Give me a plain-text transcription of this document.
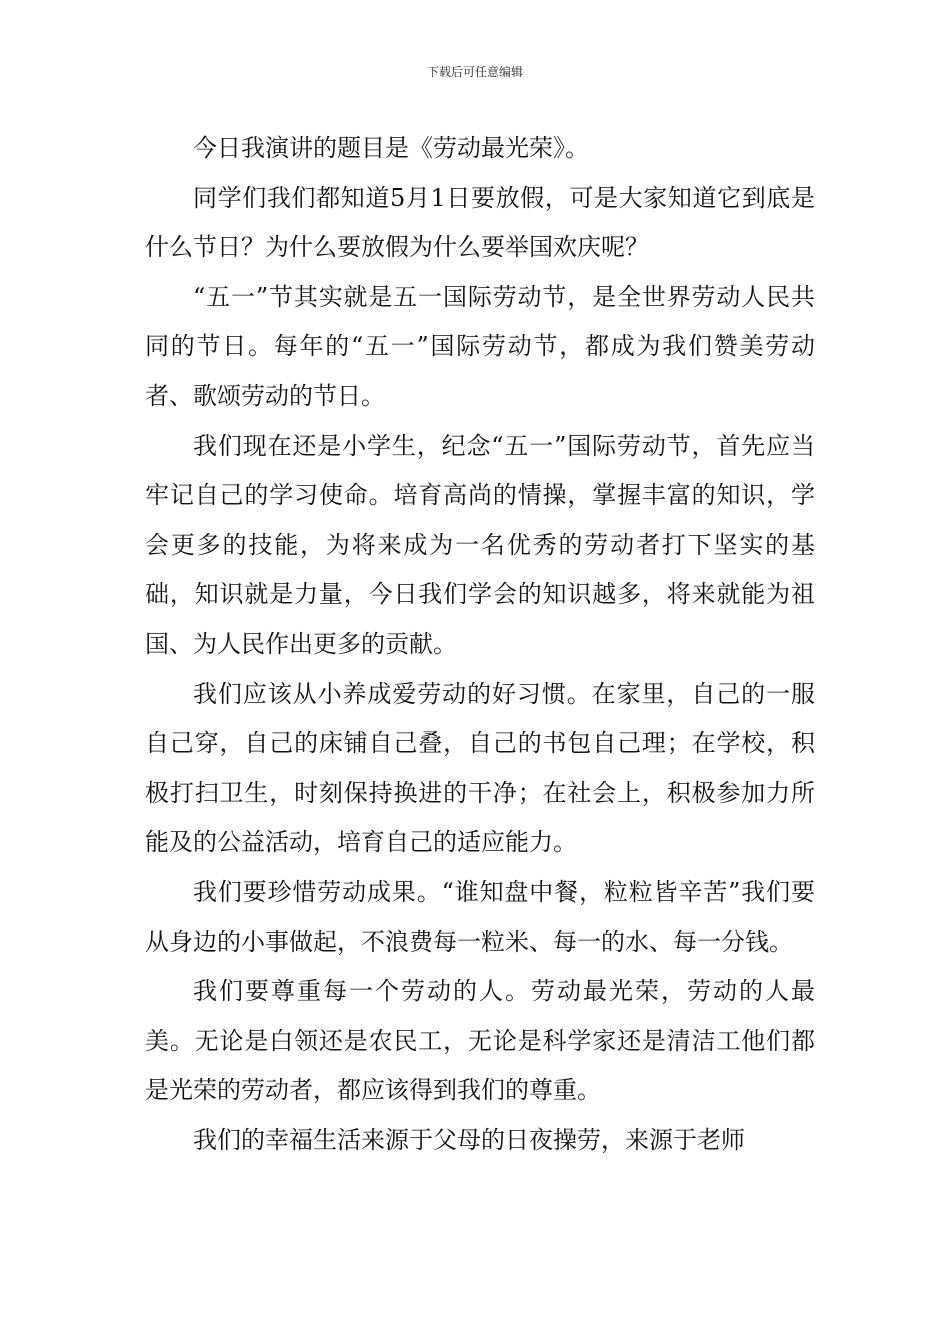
下载后可任意编辑

今日我演讲的题目是《劳动最光荣》。

同学们我们都知道5月1日要放假，可是大家知道它到底是什么节日？为什么要放假为什么要举国欢庆呢？

“五一”节其实就是五一国际劳动节，是全世界劳动人民共同的节日。每年的“五一”国际劳动节，都成为我们赞美劳动者、歌颂劳动的节日。

我们现在还是小学生，纪念“五一”国际劳动节，首先应当牢记自己的学习使命。培育高尚的情操，掌握丰富的知识，学会更多的技能，为将来成为一名优秀的劳动者打下坚实的基础，知识就是力量，今日我们学会的知识越多，将来就能为祖国、为人民作出更多的贡献。

我们应该从小养成爱劳动的好习惯。在家里，自己的一服自己穿，自己的床铺自己叠，自己的书包自己理；在学校，积极打扫卫生，时刻保持换进的干净；在社会上，积极参加力所能及的公益活动，培育自己的适应能力。

我们要珍惜劳动成果。“谁知盘中餐，粒粒皆辛苦”我们要从身边的小事做起，不浪费每一粒米、每一的水、每一分钱。

我们要尊重每一个劳动的人。劳动最光荣，劳动的人最美。无论是白领还是农民工，无论是科学家还是清洁工他们都是光荣的劳动者，都应该得到我们的尊重。

我们的幸福生活来源于父母的日夜操劳，来源于老师
